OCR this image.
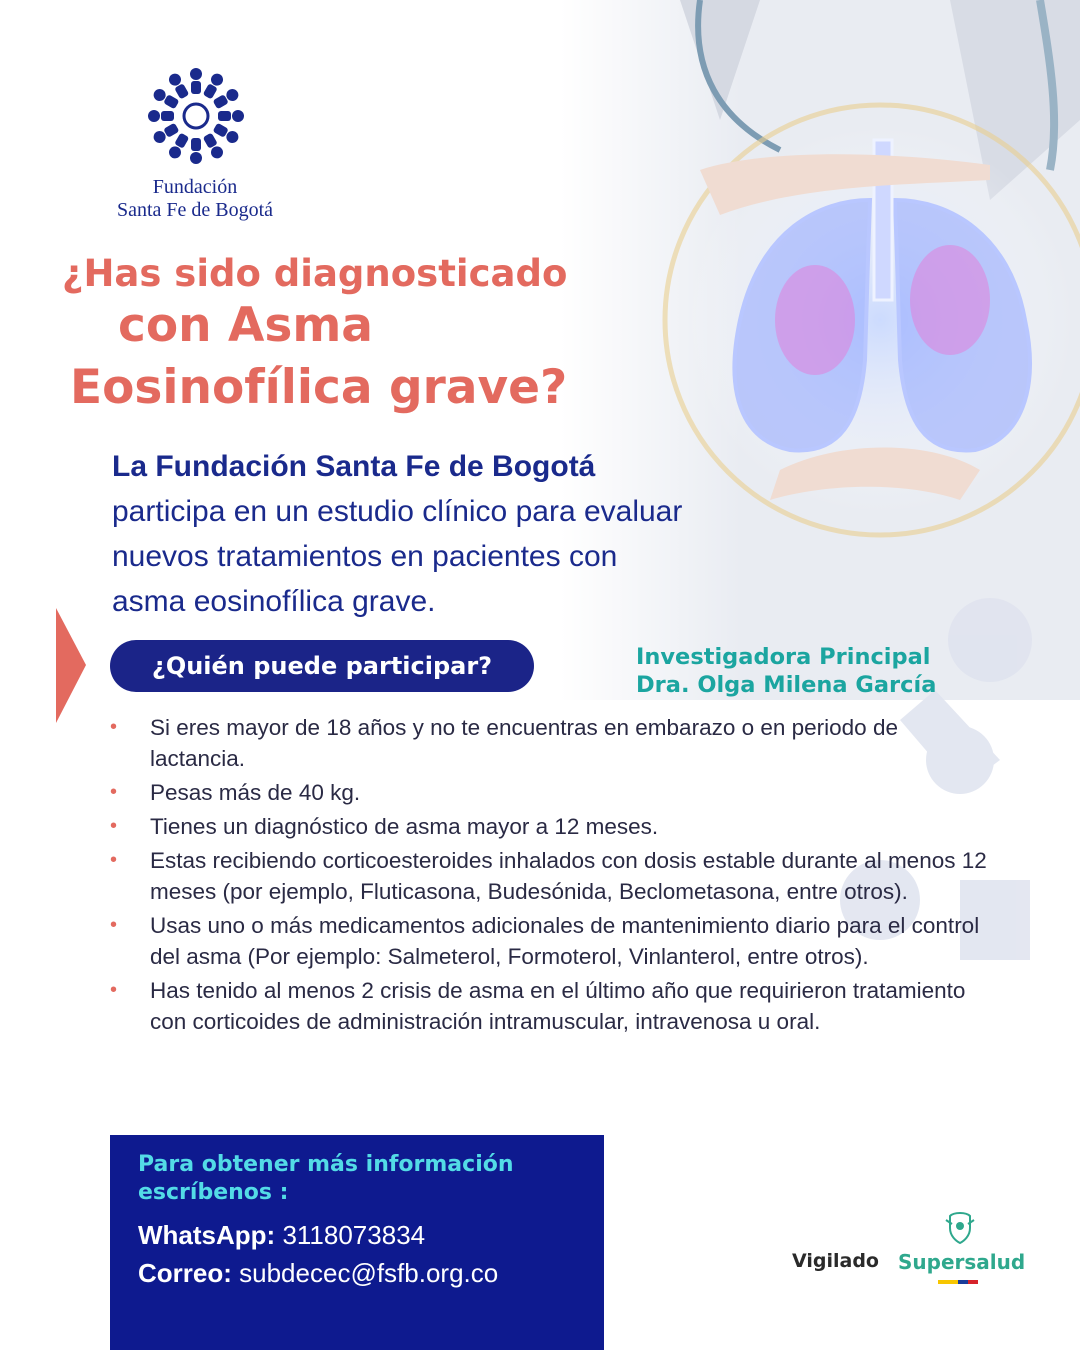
Fundación
Santa Fe de Bogotá
¿Has sido diagnosticado
con Asma
Eosinofílica grave?
La Fundación Santa Fe de Bogotá
participa en un estudio clínico para evaluar
nuevos tratamientos en pacientes con
asma eosinofílica grave.
¿Quién puede participar?	Investigadora Principal
Dra. Olga Milena García
• Si eres mayor de 18 años y no te encuentras en embarazo o en periodo de lactancia.
• Pesas más de 40 kg.
• Tienes un diagnóstico de asma mayor a 12 meses.
• Estas recibiendo corticoesteroides inhalados con dosis estable durante al menos 12 meses (por ejemplo, Fluticasona, Budesónida, Beclometasona, entre otros).
• Usas uno o más medicamentos adicionales de mantenimiento diario para el control del asma (Por ejemplo: Salmeterol, Formoterol, Vinlanterol, entre otros).
• Has tenido al menos 2 crisis de asma en el último año que requirieron tratamiento con corticoides de administración intramuscular, intravenosa u oral.
Para obtener más información escríbenos :
WhatsApp: 3118073834
Correo: subdecec@fsfb.org.co	Vigilado Supersalud
